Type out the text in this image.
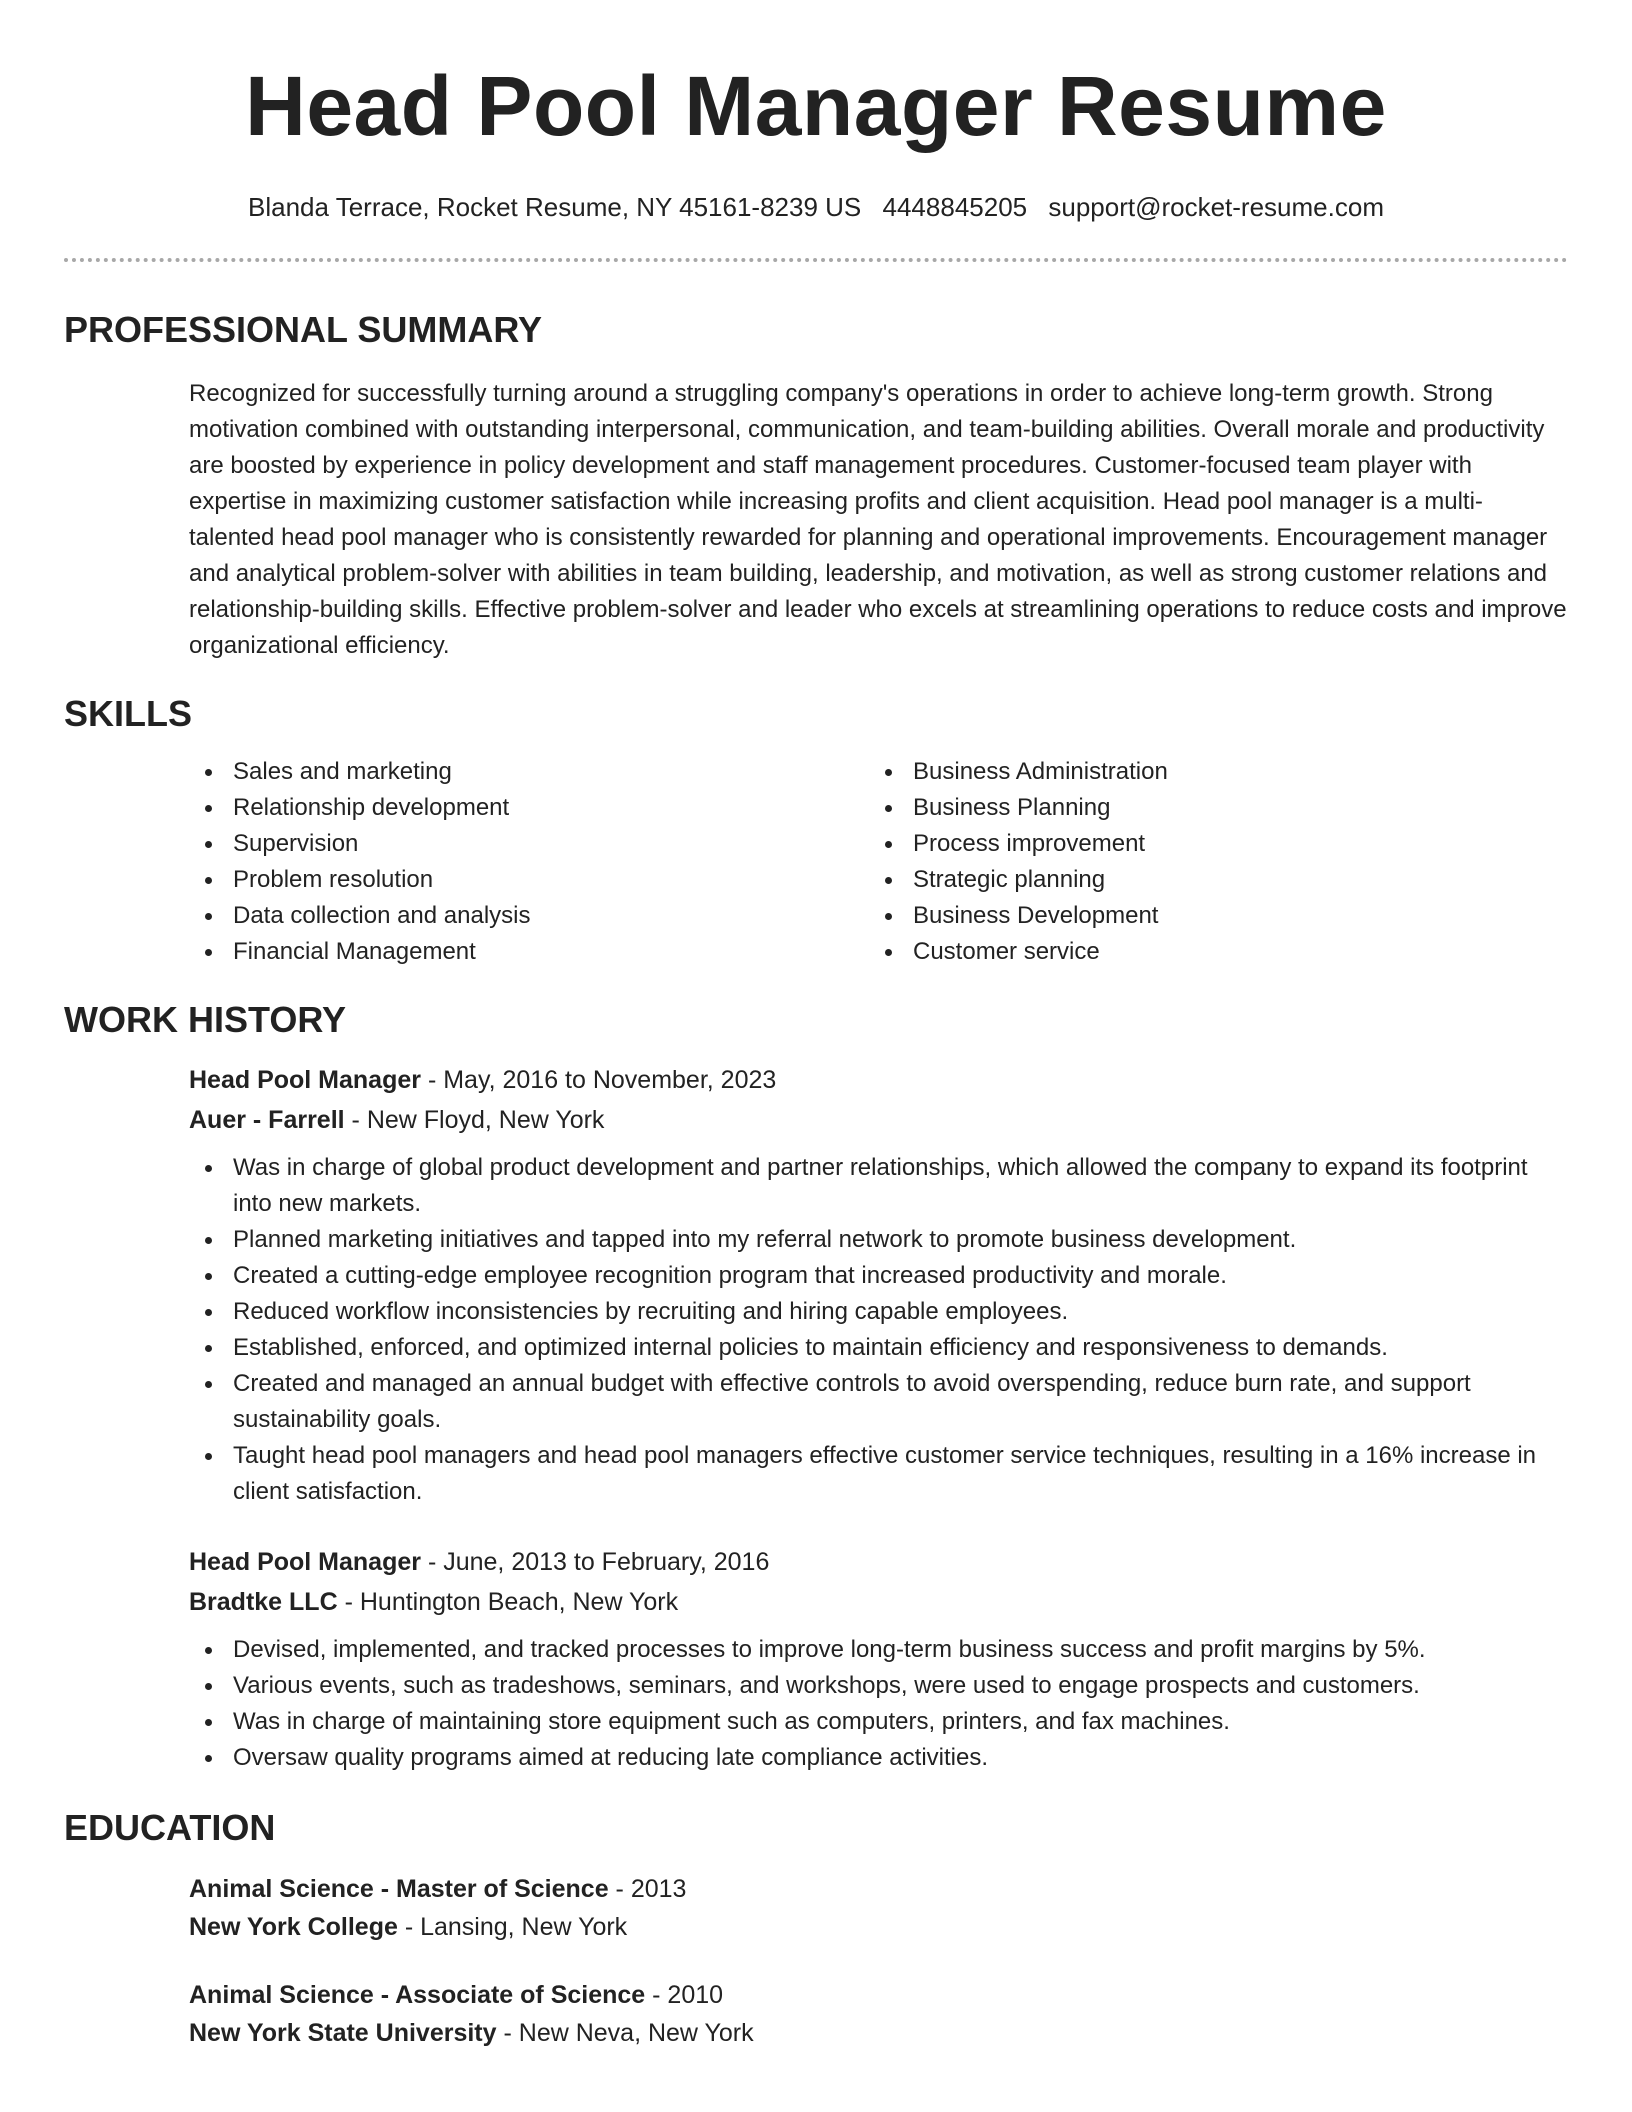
Head Pool Manager Resume
Blanda Terrace, Rocket Resume, NY 45161-8239 US 4448845205 support@rocket-resume.com
PROFESSIONAL SUMMARY

Recognized for successfully turning around a struggling company's operations in order to achieve long-term growth. Strong motivation combined with outstanding interpersonal, communication, and team-building abilities. Overall morale and productivity are boosted by experience in policy development and staff management procedures. Customer-focused team player with expertise in maximizing customer satisfaction while increasing profits and client acquisition. Head pool manager is a multi-talented head pool manager who is consistently rewarded for planning and operational improvements. Encouragement manager and analytical problem-solver with abilities in team building, leadership, and motivation, as well as strong customer relations and relationship-building skills. Effective problem-solver and leader who excels at streamlining operations to reduce costs and improve organizational efficiency.

SKILLS
Sales and marketing
Relationship development
Supervision
Problem resolution
Data collection and analysis
Financial Management
Business Administration
Business Planning
Process improvement
Strategic planning
Business Development
Customer service
WORK HISTORY
Head Pool Manager - May, 2016 to November, 2023
Auer - Farrell - New Floyd, New York
Was in charge of global product development and partner relationships, which allowed the company to expand its footprint into new markets.
Planned marketing initiatives and tapped into my referral network to promote business development.
Created a cutting-edge employee recognition program that increased productivity and morale.
Reduced workflow inconsistencies by recruiting and hiring capable employees.
Established, enforced, and optimized internal policies to maintain efficiency and responsiveness to demands.
Created and managed an annual budget with effective controls to avoid overspending, reduce burn rate, and support sustainability goals.
Taught head pool managers and head pool managers effective customer service techniques, resulting in a 16% increase in client satisfaction.
Head Pool Manager - June, 2013 to February, 2016
Bradtke LLC - Huntington Beach, New York
Devised, implemented, and tracked processes to improve long-term business success and profit margins by 5%.
Various events, such as tradeshows, seminars, and workshops, were used to engage prospects and customers.
Was in charge of maintaining store equipment such as computers, printers, and fax machines.
Oversaw quality programs aimed at reducing late compliance activities.
EDUCATION
Animal Science - Master of Science - 2013
New York College - Lansing, New York
Animal Science - Associate of Science - 2010
New York State University - New Neva, New York
